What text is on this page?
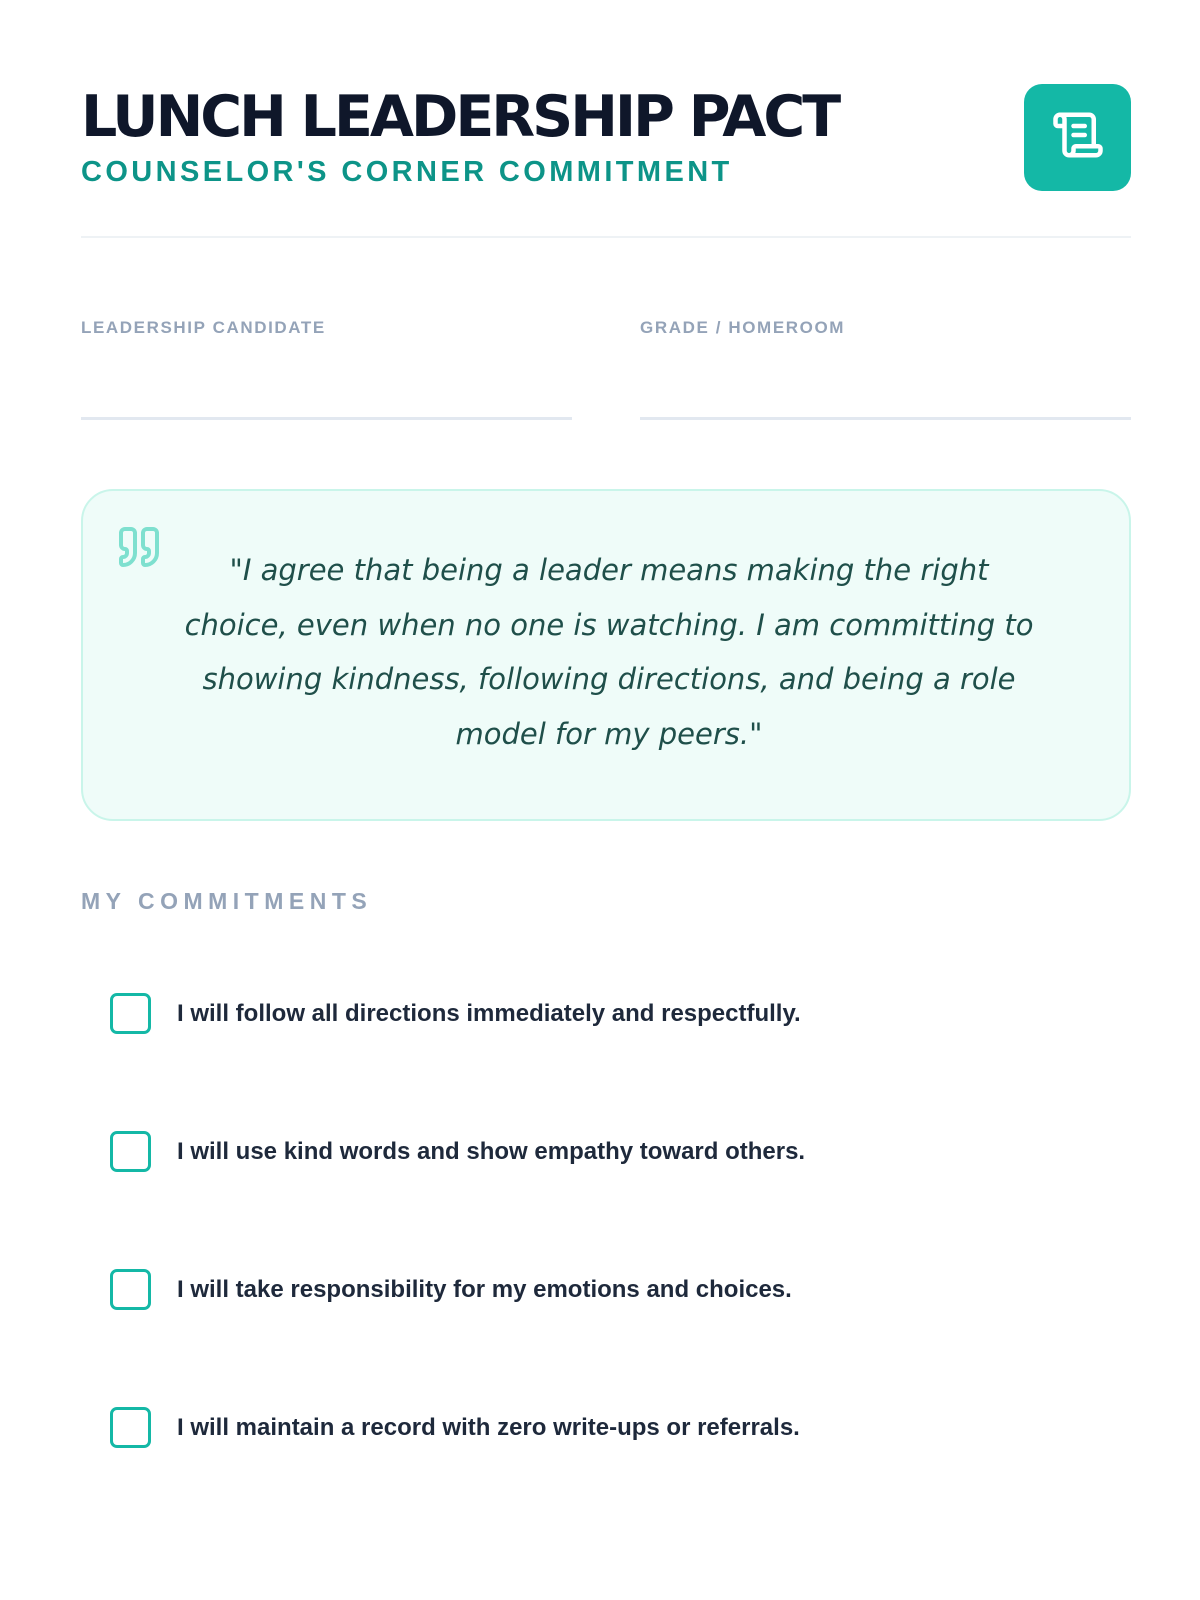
LUNCH LEADERSHIP PACT
COUNSELOR'S CORNER COMMITMENT
LEADERSHIP CANDIDATE	GRADE / HOMEROOM

"I agree that being a leader means making the right choice, even when no one is watching. I am committing to showing kindness, following directions, and being a role model for my peers."

MY COMMITMENTS
I will follow all directions immediately and respectfully.
I will use kind words and show empathy toward others.
I will take responsibility for my emotions and choices.
I will maintain a record with zero write-ups or referrals.
